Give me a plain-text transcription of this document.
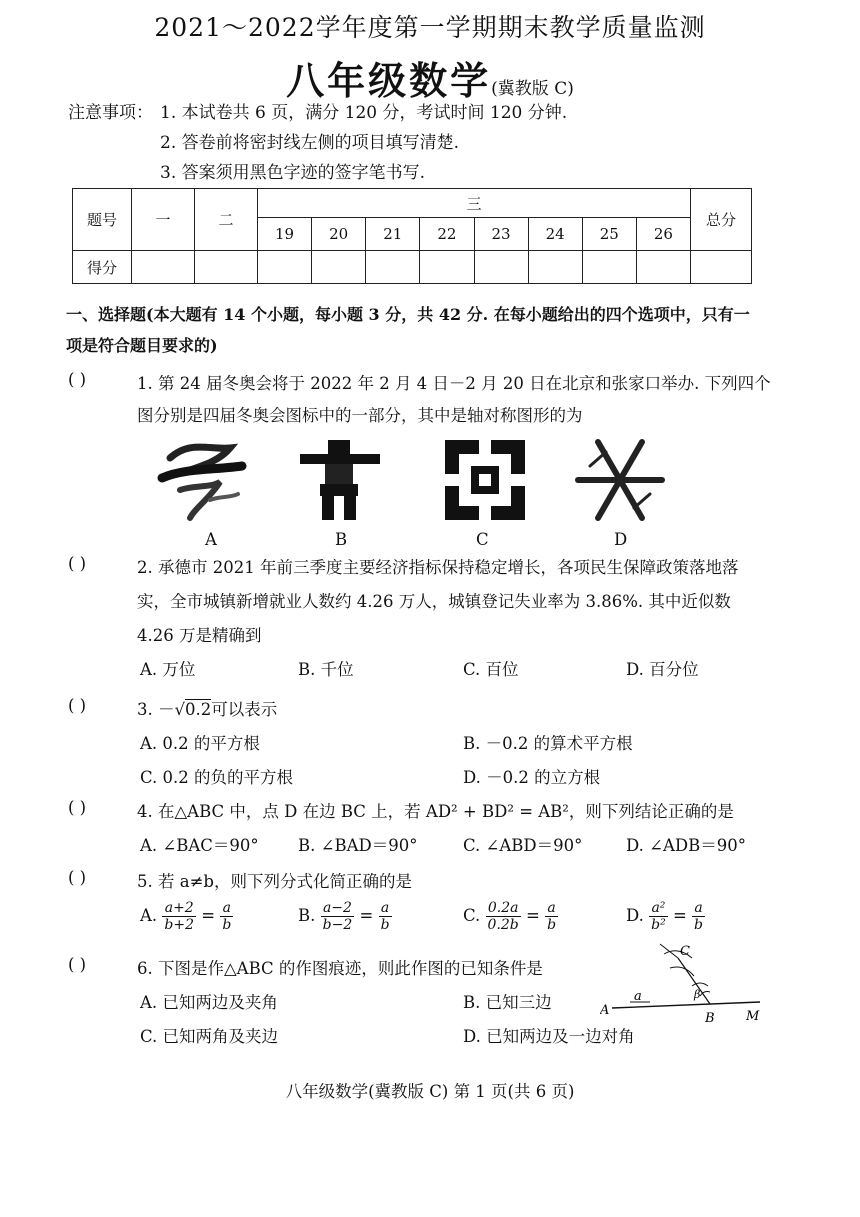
2021～2022学年度第一学期期末教学质量监测
八年级数学(冀教版 C)
注意事项： 1. 本试卷共 6 页，满分 120 分，考试时间 120 分钟.
2. 答卷前将密封线左侧的项目填写清楚.
3. 答案须用黑色字迹的签字笔书写.
题号	一	二	三								总分
			19	20	21	22	23	24	25	26	
得分											
一、选择题(本大题有 14 个小题，每小题 3 分，共 42 分. 在每小题给出的四个选项中，只有一
项是符合题目要求的)
( )	1. 第 24 届冬奥会将于 2022 年 2 月 4 日－2 月 20 日在北京和张家口举办. 下列四个
图分别是四届冬奥会图标中的一部分，其中是轴对称图形的为
A	B	C	D
( )	2. 承德市 2021 年前三季度主要经济指标保持稳定增长，各项民生保障政策落地落
实，全市城镇新增就业人数约 4.26 万人，城镇登记失业率为 3.86%. 其中近似数
4.26 万是精确到
A. 万位	B. 千位	C. 百位	D. 百分位
( )	3. －√0.2可以表示
A. 0.2 的平方根	B. －0.2 的算术平方根
C. 0.2 的负的平方根	D. －0.2 的立方根
( )	4. 在△ABC 中，点 D 在边 BC 上，若 AD² + BD² = AB²，则下列结论正确的是
A. ∠BAC＝90° B. ∠BAD＝90°	C. ∠ABD＝90°	D. ∠ADB＝90°
( )	5. 若 a≠b，则下列分式化简正确的是
A. $\frac{a+2}{b+2} = \frac{a}{b}$	B. $\frac{a-2}{b-2} = \frac{a}{b}$	C. $\frac{0.2a}{0.2b} = \frac{a}{b}$	D. $\frac{\text{a²}}{\text{b²}} = \frac{a}{b}$
( )	6. 下图是作△ABC 的作图痕迹，则此作图的已知条件是
A. 已知两边及夹角	B. 已知三边
C. 已知两角及夹边	D. 已知两边及一边对角
A
B
C
M
a	β
八年级数学(冀教版 C) 第 1 页(共 6 页)
